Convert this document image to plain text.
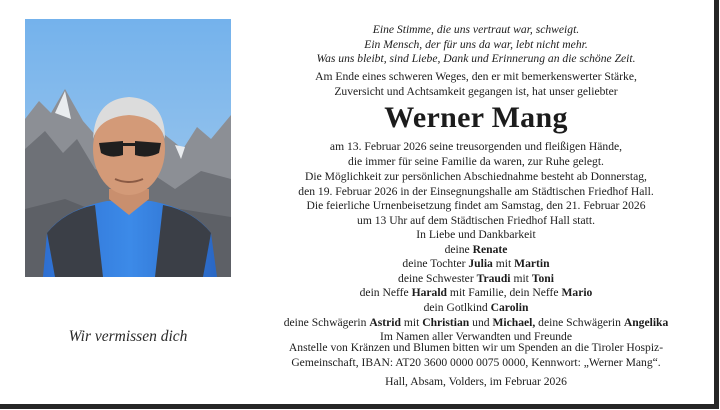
Eine Stimme, die uns vertraut war, schweigt.

Ein Mensch, der für uns da war, lebt nicht mehr.

Was uns bleibt, sind Liebe, Dank und Erinnerung an die schöne Zeit.

Am Ende eines schweren Weges, den er mit bemerkenswerter Stärke,

Zuversicht und Achtsamkeit gegangen ist, hat unser geliebter

Werner Mang

am 13. Februar 2026 seine treusorgenden und fleißigen Hände,

die immer für seine Familie da waren, zur Ruhe gelegt.

Die Möglichkeit zur persönlichen Abschiednahme besteht ab Donnerstag,

den 19. Februar 2026 in der Einsegnungshalle am Städtischen Friedhof Hall.

Die feierliche Urnenbeisetzung findet am Samstag, den 21. Februar 2026

um 13 Uhr auf dem Städtischen Friedhof Hall statt.

In Liebe und Dankbarkeit

deine Renate

deine Tochter Julia mit Martin

deine Schwester Traudi mit Toni

dein Neffe Harald mit Familie, dein Neffe Mario

dein Gotlkind Carolin

deine Schwägerin Astrid mit Christian und Michael, deine Schwägerin Angelika

Im Namen aller Verwandten und Freunde

Anstelle von Kränzen und Blumen bitten wir um Spenden an die Tiroler Hospiz-

Gemeinschaft, IBAN: AT20 3600 0000 0075 0000, Kennwort: „Werner Mang“.

Hall, Absam, Volders, im Februar 2026
Wir vermissen dich
